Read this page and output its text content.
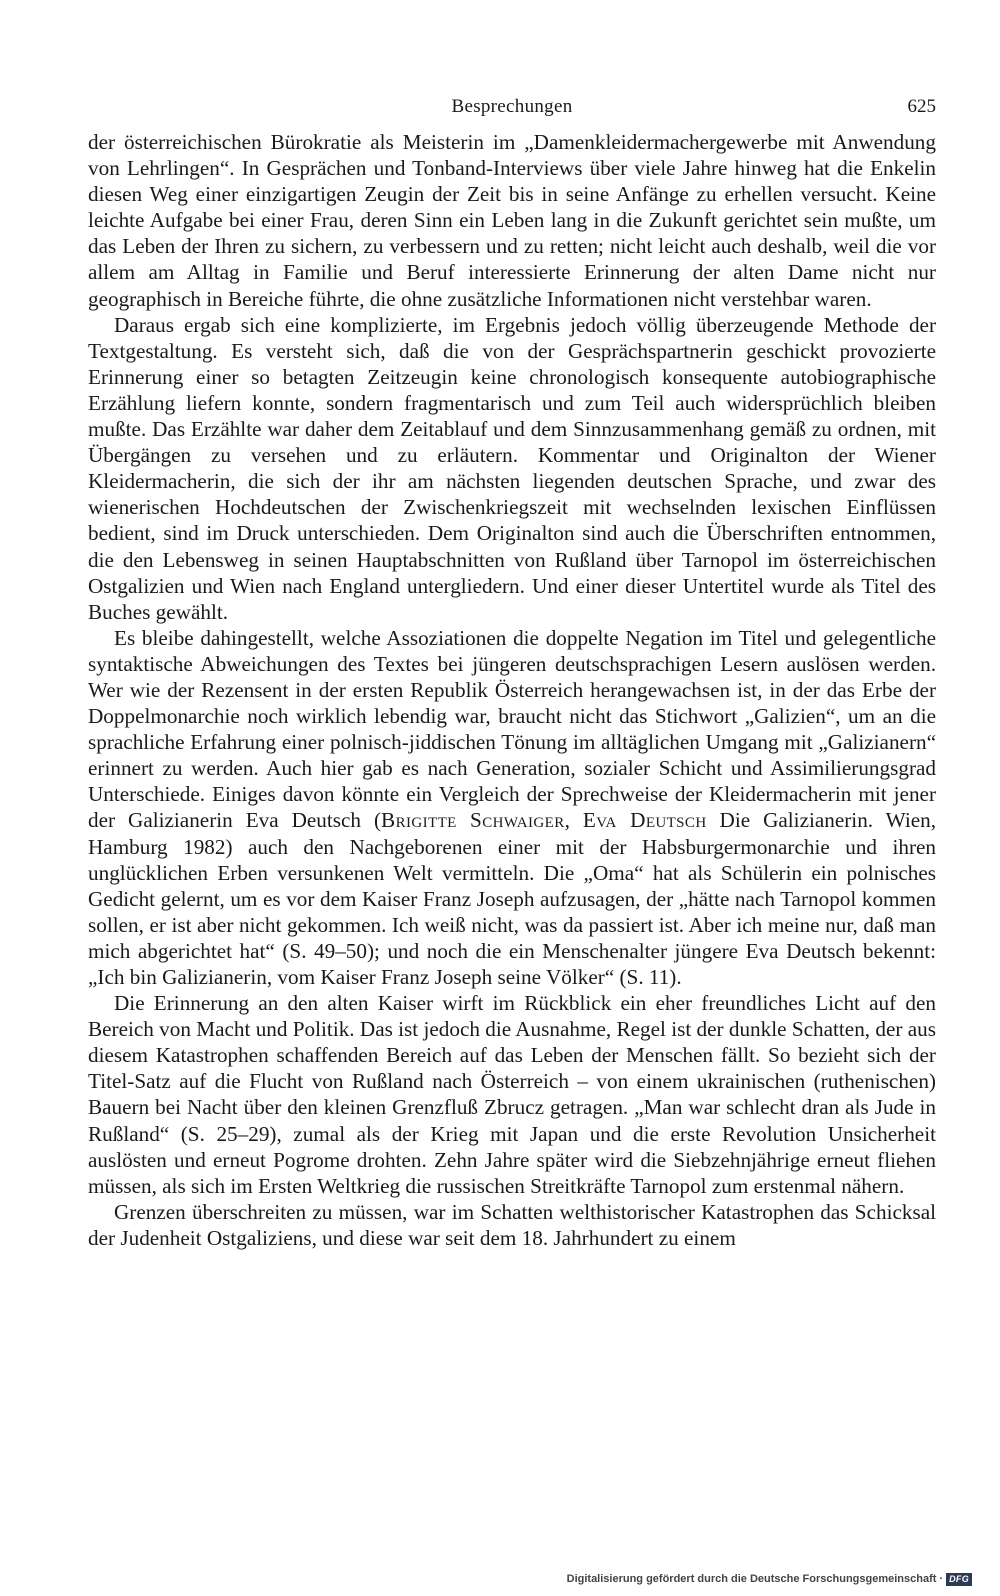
Besprechungen	625

der österreichischen Bürokratie als Meisterin im „Damenkleidermachergewerbe mit Anwendung von Lehrlingen“. In Gesprächen und Tonband-Interviews über viele Jahre hinweg hat die Enkelin diesen Weg einer einzigartigen Zeugin der Zeit bis in seine Anfänge zu erhellen versucht. Keine leichte Aufgabe bei einer Frau, deren Sinn ein Leben lang in die Zukunft gerichtet sein mußte, um das Leben der Ihren zu sichern, zu verbessern und zu retten; nicht leicht auch deshalb, weil die vor allem am Alltag in Familie und Beruf interessierte Erinnerung der alten Dame nicht nur geographisch in Bereiche führte, die ohne zusätzliche Informationen nicht verstehbar waren.

Daraus ergab sich eine komplizierte, im Ergebnis jedoch völlig überzeugende Methode der Textgestaltung. Es versteht sich, daß die von der Gesprächspartnerin geschickt provozierte Erinnerung einer so betagten Zeitzeugin keine chronologisch konsequente autobiographische Erzählung liefern konnte, sondern fragmentarisch und zum Teil auch widersprüchlich bleiben mußte. Das Erzählte war daher dem Zeitablauf und dem Sinnzusammenhang gemäß zu ordnen, mit Übergängen zu versehen und zu erläutern. Kommentar und Originalton der Wiener Kleidermacherin, die sich der ihr am nächsten liegenden deutschen Sprache, und zwar des wienerischen Hochdeutschen der Zwischenkriegszeit mit wechselnden lexischen Einflüssen bedient, sind im Druck unterschieden. Dem Originalton sind auch die Überschriften entnommen, die den Lebensweg in seinen Hauptabschnitten von Rußland über Tarnopol im österreichischen Ostgalizien und Wien nach England untergliedern. Und einer dieser Untertitel wurde als Titel des Buches gewählt.

Es bleibe dahingestellt, welche Assoziationen die doppelte Negation im Titel und gelegentliche syntaktische Abweichungen des Textes bei jüngeren deutschsprachigen Lesern auslösen werden. Wer wie der Rezensent in der ersten Republik Österreich herangewachsen ist, in der das Erbe der Doppelmonarchie noch wirklich lebendig war, braucht nicht das Stichwort „Galizien“, um an die sprachliche Erfahrung einer polnisch-jiddischen Tönung im alltäglichen Umgang mit „Galizianern“ erinnert zu werden. Auch hier gab es nach Generation, sozialer Schicht und Assimilierungsgrad Unterschiede. Einiges davon könnte ein Vergleich der Sprechweise der Kleidermacherin mit jener der Galizianerin Eva Deutsch (Brigitte Schwaiger, Eva Deutsch Die Galizianerin. Wien, Hamburg 1982) auch den Nachgeborenen einer mit der Habsburgermonarchie und ihren unglücklichen Erben versunkenen Welt vermitteln. Die „Oma“ hat als Schülerin ein polnisches Gedicht gelernt, um es vor dem Kaiser Franz Joseph aufzusagen, der „hätte nach Tarnopol kommen sollen, er ist aber nicht gekommen. Ich weiß nicht, was da passiert ist. Aber ich meine nur, daß man mich abgerichtet hat“ (S. 49–50); und noch die ein Menschenalter jüngere Eva Deutsch bekennt: „Ich bin Galizianerin, vom Kaiser Franz Joseph seine Völker“ (S. 11).

Die Erinnerung an den alten Kaiser wirft im Rückblick ein eher freundliches Licht auf den Bereich von Macht und Politik. Das ist jedoch die Ausnahme, Regel ist der dunkle Schatten, der aus diesem Katastrophen schaffenden Bereich auf das Leben der Menschen fällt. So bezieht sich der Titel-Satz auf die Flucht von Rußland nach Österreich – von einem ukrainischen (ruthenischen) Bauern bei Nacht über den kleinen Grenzfluß Zbrucz getragen. „Man war schlecht dran als Jude in Rußland“ (S. 25–29), zumal als der Krieg mit Japan und die erste Revolution Unsicherheit auslösten und erneut Pogrome drohten. Zehn Jahre später wird die Siebzehnjährige erneut fliehen müssen, als sich im Ersten Weltkrieg die russischen Streitkräfte Tarnopol zum erstenmal nähern.

Grenzen überschreiten zu müssen, war im Schatten welthistorischer Katastrophen das Schicksal der Judenheit Ostgaliziens, und diese war seit dem 18. Jahrhundert zu einem

Digitalisierung gefördert durch die Deutsche Forschungsgemeinschaft · DFG
